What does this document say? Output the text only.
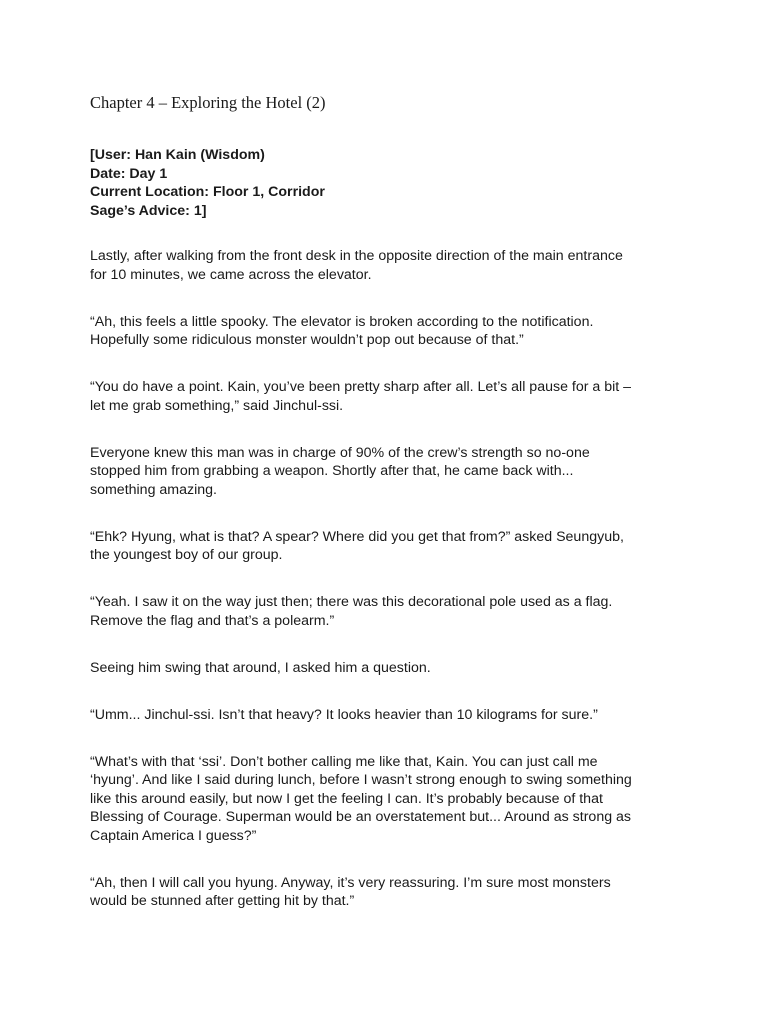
Chapter 4 – Exploring the Hotel (2)
[User: Han Kain (Wisdom)
Date: Day 1
Current Location: Floor 1, Corridor
Sage’s Advice: 1]

Lastly, after walking from the front desk in the opposite direction of the main entrance
for 10 minutes, we came across the elevator.

“Ah, this feels a little spooky. The elevator is broken according to the notification.
Hopefully some ridiculous monster wouldn’t pop out because of that.”

“You do have a point. Kain, you’ve been pretty sharp after all. Let’s all pause for a bit –
let me grab something,” said Jinchul-ssi.

Everyone knew this man was in charge of 90% of the crew’s strength so no-one
stopped him from grabbing a weapon. Shortly after that, he came back with...
something amazing.

“Ehk? Hyung, what is that? A spear? Where did you get that from?” asked Seungyub,
the youngest boy of our group.

“Yeah. I saw it on the way just then; there was this decorational pole used as a flag.
Remove the flag and that’s a polearm.”

Seeing him swing that around, I asked him a question.

“Umm... Jinchul-ssi. Isn’t that heavy? It looks heavier than 10 kilograms for sure.”

“What’s with that ‘ssi’. Don’t bother calling me like that, Kain. You can just call me
‘hyung’. And like I said during lunch, before I wasn’t strong enough to swing something
like this around easily, but now I get the feeling I can. It’s probably because of that
Blessing of Courage. Superman would be an overstatement but... Around as strong as
Captain America I guess?”

“Ah, then I will call you hyung. Anyway, it’s very reassuring. I’m sure most monsters
would be stunned after getting hit by that.”
